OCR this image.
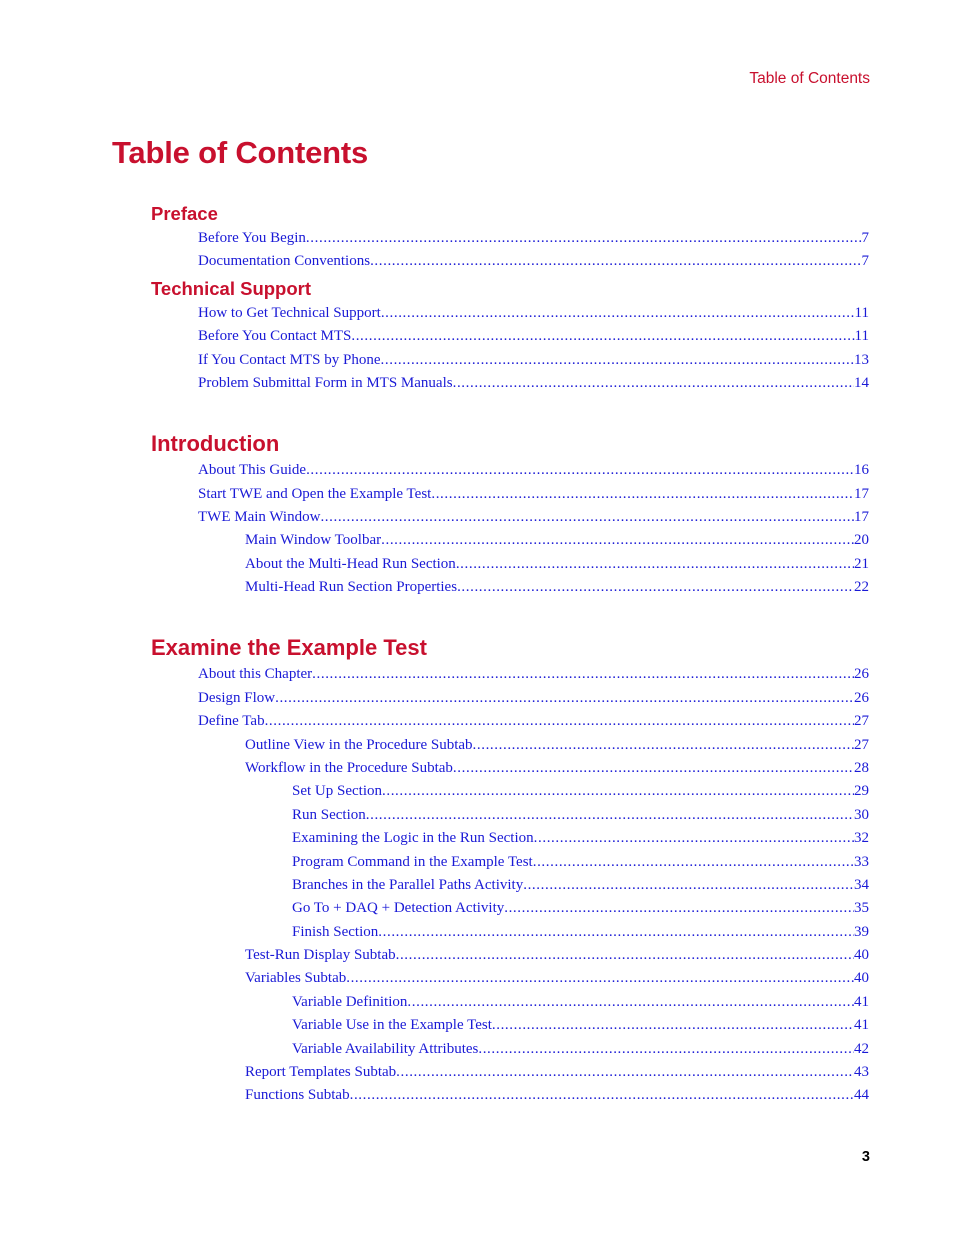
Table of Contents
Table of Contents
Preface
Before You Begin .....	7
Documentation Conventions .....	7
Technical Support
How to Get Technical Support .....	11
Before You Contact MTS .....	11
If You Contact MTS by Phone .....	13
Problem Submittal Form in MTS Manuals .....	14
Introduction
About This Guide .....	16
Start TWE and Open the Example Test .....	17
TWE Main Window .....	17
Main Window Toolbar .....	20
About the Multi-Head Run Section .....	21
Multi-Head Run Section Properties .....	22
Examine the Example Test
About this Chapter .....	26
Design Flow .....	26
Define Tab .....	27
Outline View in the Procedure Subtab .....	27
Workflow in the Procedure Subtab .....	28
Set Up Section .....	29
Run Section .....	30
Examining the Logic in the Run Section .....	32
Program Command in the Example Test .....	33
Branches in the Parallel Paths Activity .....	34
Go To + DAQ + Detection Activity .....	35
Finish Section .....	39
Test-Run Display Subtab .....	40
Variables Subtab .....	40
Variable Definition .....	41
Variable Use in the Example Test .....	41
Variable Availability Attributes .....	42
Report Templates Subtab .....	43
Functions Subtab .....	44
3
